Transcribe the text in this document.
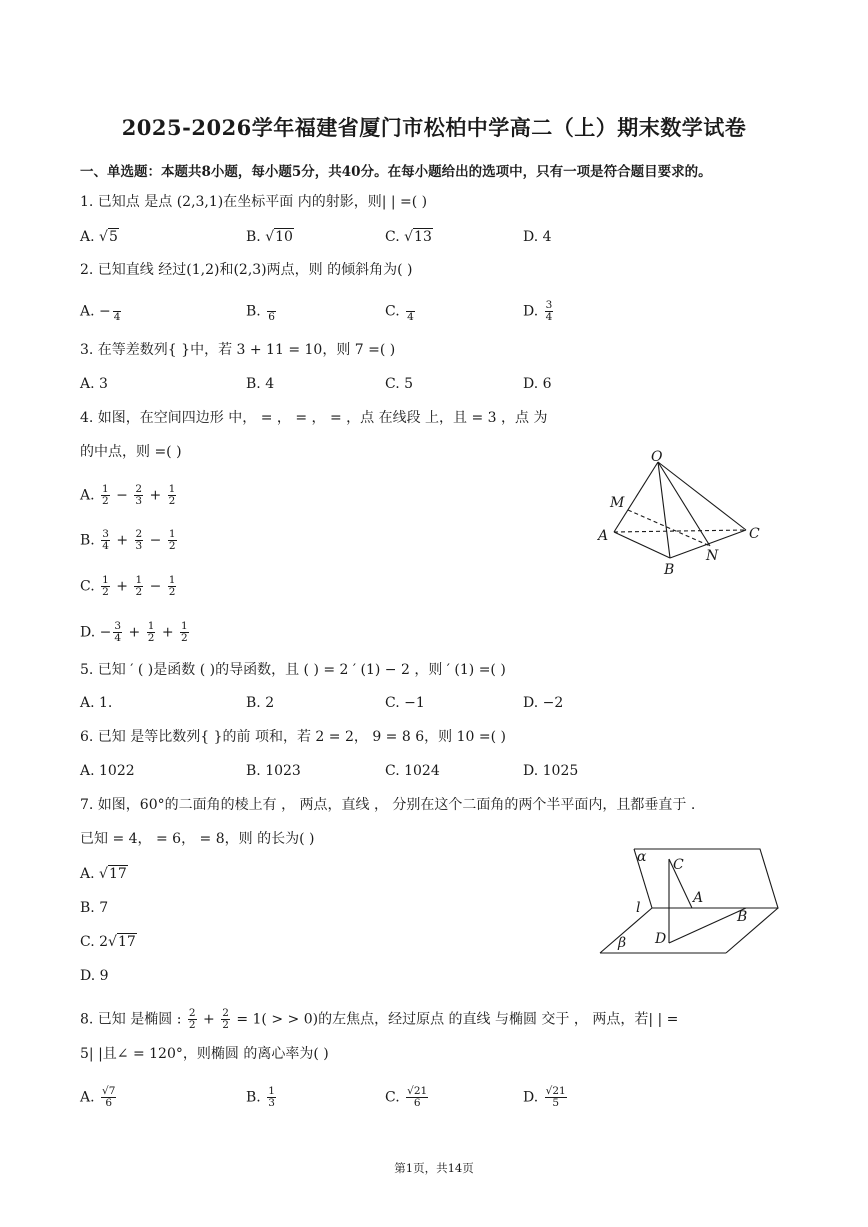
2025-2026学年福建省厦门市松柏中学高二（上）期末数学试卷
一、单选题：本题共8小题，每小题5分，共40分。在每小题给出的选项中，只有一项是符合题目要求的。
1. 已知点 是点 (2,3,1)在坐标平面 内的射影，则| | =( )
A. √5	B. √10	C. √13	D. 4
2. 已知直线 经过(1,2)和(2,3)两点，则 的倾斜角为( )
A. −
4	B.
6	C.
4	D. $\frac{3}{4}$
3. 在等差数列{ }中，若 3 + 11 = 10，则 7 =( )
A. 3	B. 4	C. 5	D. 6
4. 如图，在空间四边形 中， = ， = ， = ，点 在线段 上，且 = 3 ，点 为
的中点，则 =( )
A. $\frac{1}{2} - \frac{2}{3} + \frac{1}{2}$
B. $\frac{3}{4} + \frac{2}{3} - \frac{1}{2}$
C. $\frac{1}{2} + \frac{1}{2} - \frac{1}{2}$
D. − $\frac{3}{4} + \frac{1}{2} + \frac{1}{2}$
O
M
A
B
C
N
5. 已知 ′ ( )是函数 ( )的导函数，且 ( ) = 2 ′ (1) − 2 ，则 ′ (1) =( )
A. 1.	B. 2	C. −1	D. −2
6. 已知 是等比数列{ }的前 项和，若 2 = 2， 9 = 8 6，则 10 =( )
A. 1022	B. 1023	C. 1024	D. 1025
7. 如图，60°的二面角的棱上有 ， 两点，直线 ， 分别在这个二面角的两个半平面内，且都垂直于 .
已知 = 4， = 6， = 8，则 的长为( )
A. √17
B. 7
C. 2√17
D. 9
α C
A
l
B
D
β
8. 已知 是椭圆 : $\frac{2}{2} + \frac{2}{2} = 1$( > > 0)的左焦点，经过原点 的直线 与椭圆 交于 ， 两点，若| | =
5| |且∠ = 120°，则椭圆 的离心率为( )
A. $\frac{√7}{6}$	B. $\frac{1}{3}$	C. $\frac{√21}{6}$	D. $\frac{√21}{5}$
第1页，共14页
